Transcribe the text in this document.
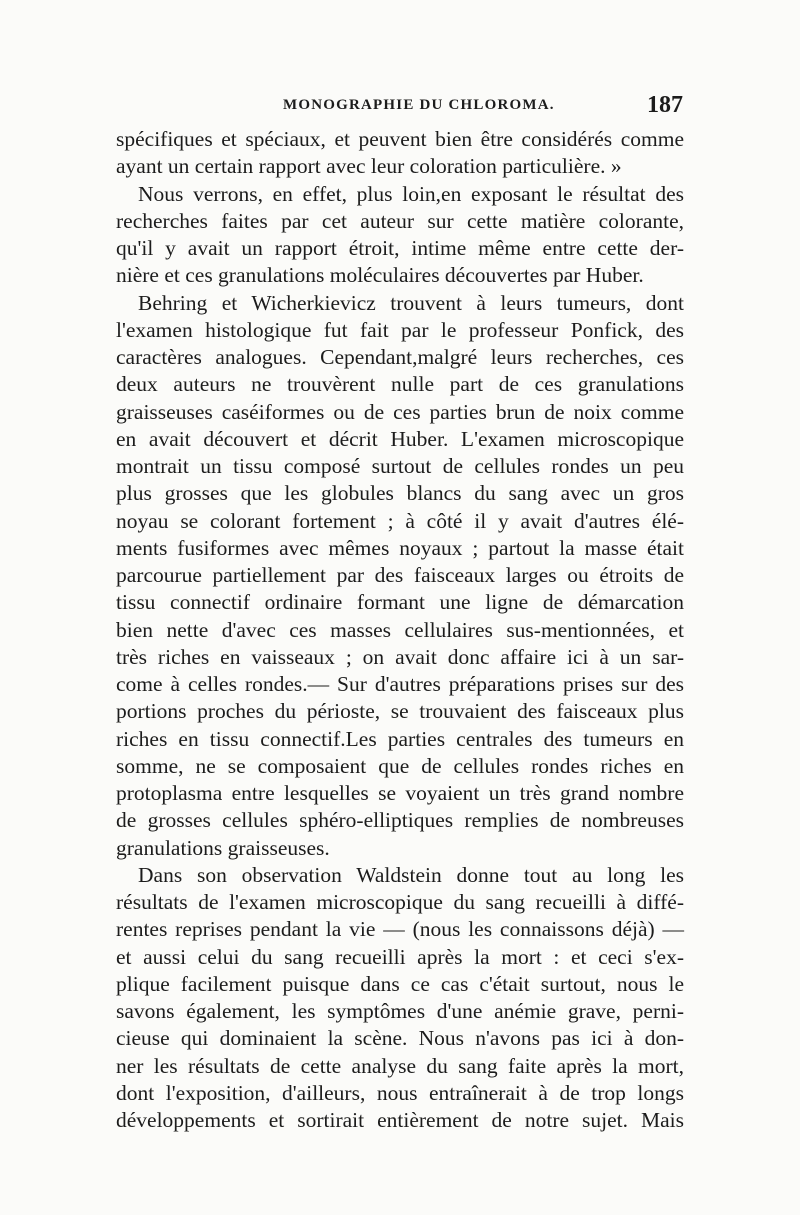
MONOGRAPHIE DU CHLOROMA.	187
spécifiques et spéciaux, et peuvent bien être considérés comme
ayant un certain rapport avec leur coloration particulière. »
Nous verrons, en effet, plus loin,en exposant le résultat des
recherches faites par cet auteur sur cette matière colorante,
qu'il y avait un rapport étroit, intime même entre cette der-
nière et ces granulations moléculaires découvertes par Huber.
Behring et Wicherkievicz trouvent à leurs tumeurs, dont
l'examen histologique fut fait par le professeur Ponfick, des
caractères analogues. Cependant,malgré leurs recherches, ces
deux auteurs ne trouvèrent nulle part de ces granulations
graisseuses caséiformes ou de ces parties brun de noix comme
en avait découvert et décrit Huber. L'examen microscopique
montrait un tissu composé surtout de cellules rondes un peu
plus grosses que les globules blancs du sang avec un gros
noyau se colorant fortement ; à côté il y avait d'autres élé-
ments fusiformes avec mêmes noyaux ; partout la masse était
parcourue partiellement par des faisceaux larges ou étroits de
tissu connectif ordinaire formant une ligne de démarcation
bien nette d'avec ces masses cellulaires sus-mentionnées, et
très riches en vaisseaux ; on avait donc affaire ici à un sar-
come à celles rondes.— Sur d'autres préparations prises sur des
portions proches du périoste, se trouvaient des faisceaux plus
riches en tissu connectif.Les parties centrales des tumeurs en
somme, ne se composaient que de cellules rondes riches en
protoplasma entre lesquelles se voyaient un très grand nombre
de grosses cellules sphéro-elliptiques remplies de nombreuses
granulations graisseuses.
Dans son observation Waldstein donne tout au long les
résultats de l'examen microscopique du sang recueilli à diffé-
rentes reprises pendant la vie — (nous les connaissons déjà) —
et aussi celui du sang recueilli après la mort : et ceci s'ex-
plique facilement puisque dans ce cas c'était surtout, nous le
savons également, les symptômes d'une anémie grave, perni-
cieuse qui dominaient la scène. Nous n'avons pas ici à don-
ner les résultats de cette analyse du sang faite après la mort,
dont l'exposition, d'ailleurs, nous entraînerait à de trop longs
développements et sortirait entièrement de notre sujet. Mais
